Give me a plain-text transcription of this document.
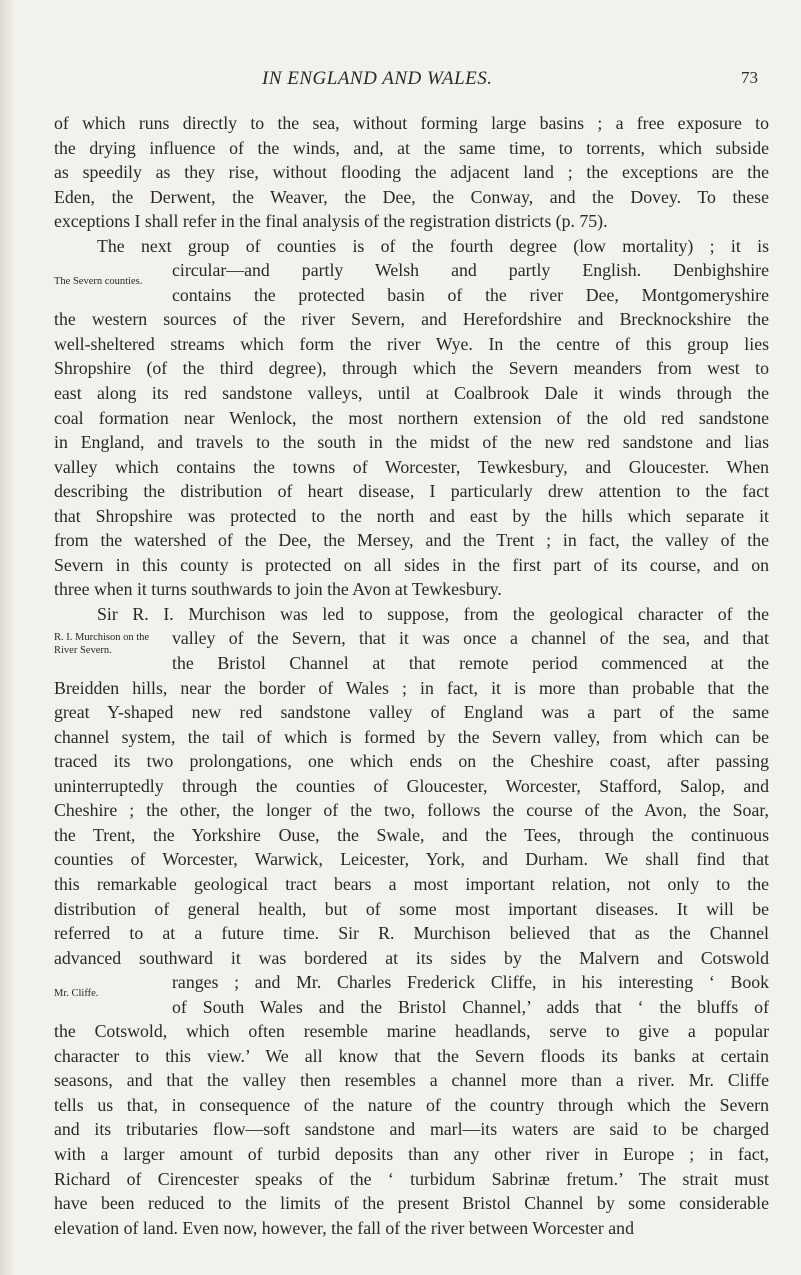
IN ENGLAND AND WALES.	73

of which runs directly to the sea, without forming large basins ; a free exposure to

the drying influence of the winds, and, at the same time, to torrents, which subside

as speedily as they rise, without flooding the adjacent land ; the exceptions are the

Eden, the Derwent, the Weaver, the Dee, the Conway, and the Dovey. To these

exceptions I shall refer in the final analysis of the registration districts (p. 75).

The next group of counties is of the fourth degree (low mortality) ; it is

The Severn counties.

circular—and partly Welsh and partly English. Denbighshire

contains the protected basin of the river Dee, Montgomeryshire

the western sources of the river Severn, and Herefordshire and Brecknockshire the

well-sheltered streams which form the river Wye. In the centre of this group lies

Shropshire (of the third degree), through which the Severn meanders from west to

east along its red sandstone valleys, until at Coalbrook Dale it winds through the

coal formation near Wenlock, the most northern extension of the old red sandstone

in England, and travels to the south in the midst of the new red sandstone and lias

valley which contains the towns of Worcester, Tewkesbury, and Gloucester. When

describing the distribution of heart disease, I particularly drew attention to the fact

that Shropshire was protected to the north and east by the hills which separate it

from the watershed of the Dee, the Mersey, and the Trent ; in fact, the valley of the

Severn in this county is protected on all sides in the first part of its course, and on

three when it turns southwards to join the Avon at Tewkesbury.

Sir R. I. Murchison was led to suppose, from the geological character of the

R. I. Murchison on the River Severn.

valley of the Severn, that it was once a channel of the sea, and that

the Bristol Channel at that remote period commenced at the

Breidden hills, near the border of Wales ; in fact, it is more than probable that the

great Y-shaped new red sandstone valley of England was a part of the same

channel system, the tail of which is formed by the Severn valley, from which can be

traced its two prolongations, one which ends on the Cheshire coast, after passing

uninterruptedly through the counties of Gloucester, Worcester, Stafford, Salop, and

Cheshire ; the other, the longer of the two, follows the course of the Avon, the Soar,

the Trent, the Yorkshire Ouse, the Swale, and the Tees, through the continuous

counties of Worcester, Warwick, Leicester, York, and Durham. We shall find that

this remarkable geological tract bears a most important relation, not only to the

distribution of general health, but of some most important diseases. It will be

referred to at a future time. Sir R. Murchison believed that as the Channel

advanced southward it was bordered at its sides by the Malvern and Cotswold

Mr. Cliffe.

ranges ; and Mr. Charles Frederick Cliffe, in his interesting ‘ Book

of South Wales and the Bristol Channel,’ adds that ‘ the bluffs of

the Cotswold, which often resemble marine headlands, serve to give a popular

character to this view.’ We all know that the Severn floods its banks at certain

seasons, and that the valley then resembles a channel more than a river. Mr. Cliffe

tells us that, in consequence of the nature of the country through which the Severn

and its tributaries flow—soft sandstone and marl—its waters are said to be charged

with a larger amount of turbid deposits than any other river in Europe ; in fact,

Richard of Cirencester speaks of the ‘ turbidum Sabrinæ fretum.’ The strait must

have been reduced to the limits of the present Bristol Channel by some considerable

elevation of land. Even now, however, the fall of the river between Worcester and
